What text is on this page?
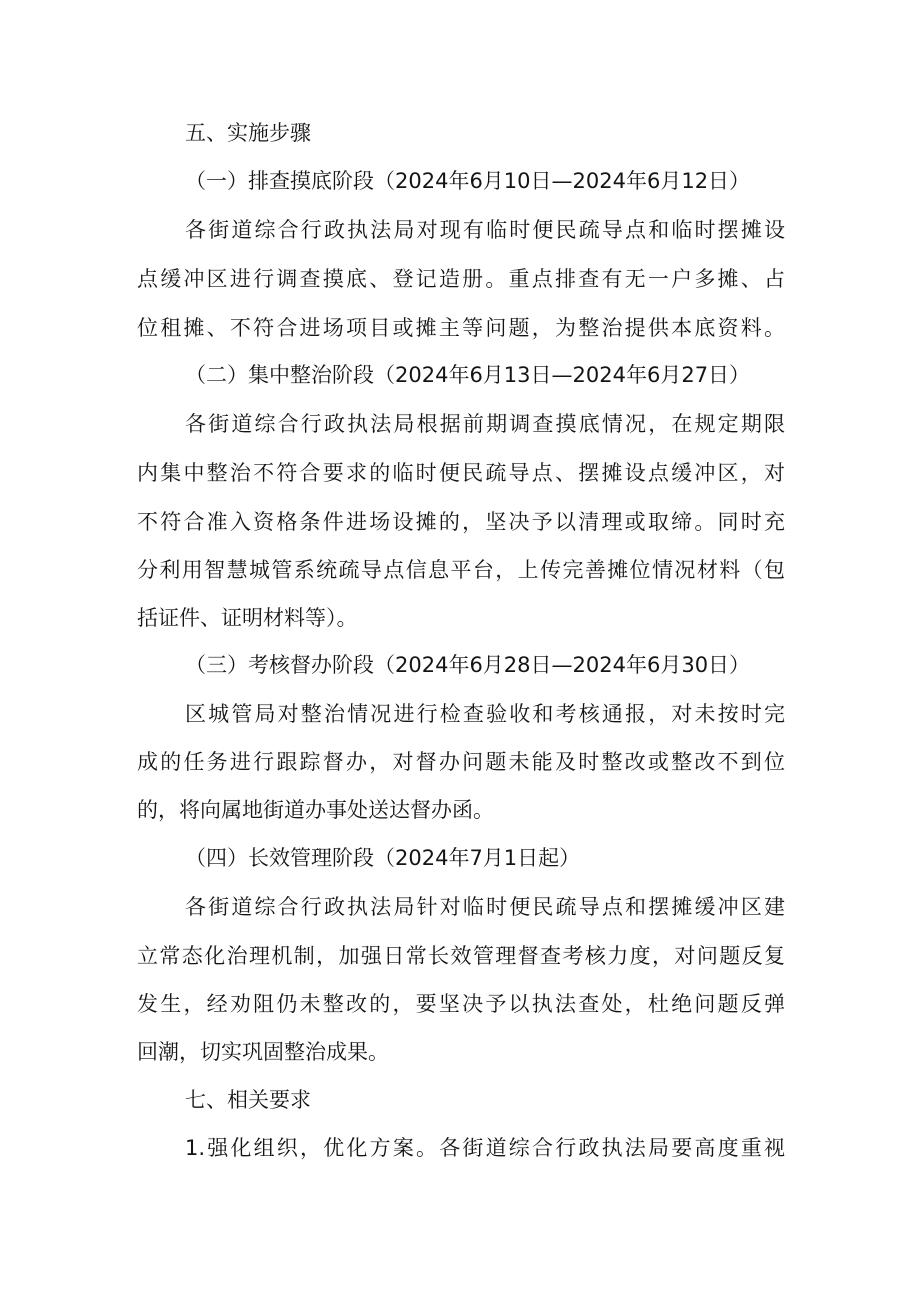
五、实施步骤

（一）排查摸底阶段（2024年6月10日—2024年6月12日）

各街道综合行政执法局对现有临时便民疏导点和临时摆摊设

点缓冲区进行调查摸底、登记造册。重点排查有无一户多摊、占

位租摊、不符合进场项目或摊主等问题，为整治提供本底资料。

（二）集中整治阶段（2024年6月13日—2024年6月27日）

各街道综合行政执法局根据前期调查摸底情况，在规定期限

内集中整治不符合要求的临时便民疏导点、摆摊设点缓冲区，对

不符合准入资格条件进场设摊的，坚决予以清理或取缔。同时充

分利用智慧城管系统疏导点信息平台，上传完善摊位情况材料（包

括证件、证明材料等）。

（三）考核督办阶段（2024年6月28日—2024年6月30日）

区城管局对整治情况进行检查验收和考核通报，对未按时完

成的任务进行跟踪督办，对督办问题未能及时整改或整改不到位

的，将向属地街道办事处送达督办函。

（四）长效管理阶段（2024年7月1日起）

各街道综合行政执法局针对临时便民疏导点和摆摊缓冲区建

立常态化治理机制，加强日常长效管理督查考核力度，对问题反复

发生，经劝阻仍未整改的，要坚决予以执法查处，杜绝问题反弹

回潮，切实巩固整治成果。

七、相关要求

1.强化组织，优化方案。各街道综合行政执法局要高度重视
